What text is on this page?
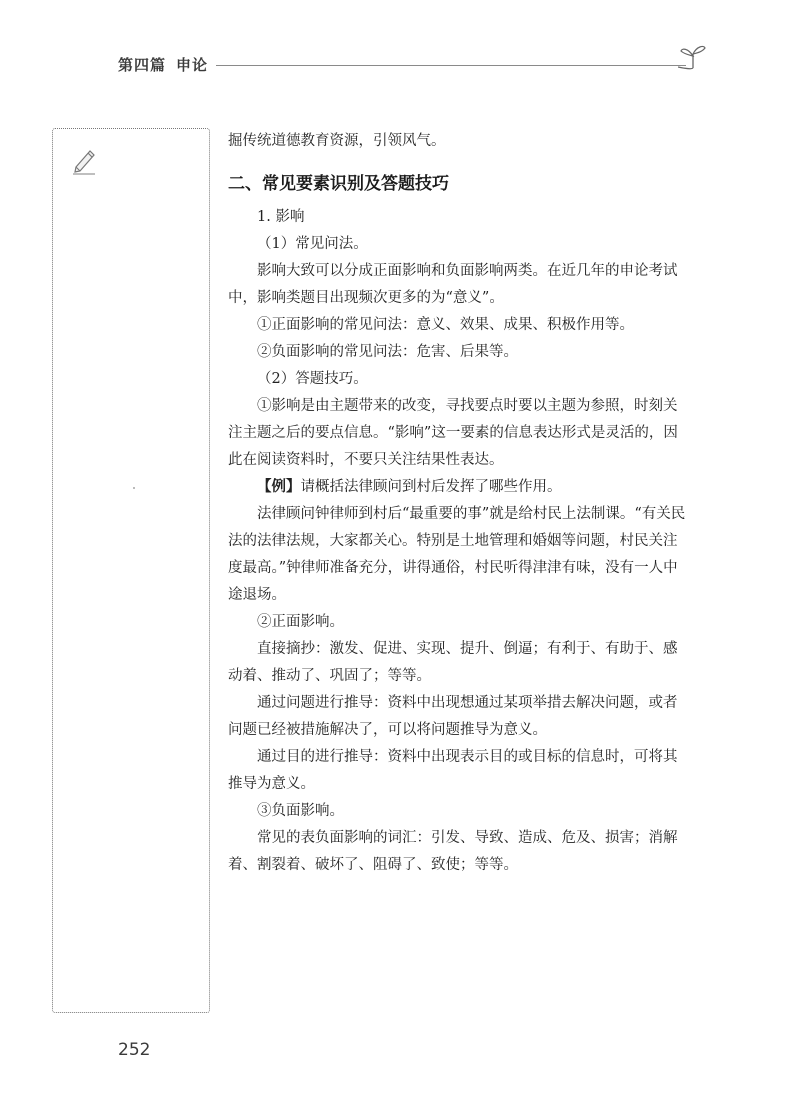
第四篇 申论

掘传统道德教育资源，引领风气。

二、常见要素识别及答题技巧

1. 影响

（1）常见问法。

影响大致可以分成正面影响和负面影响两类。在近几年的申论考试中，影响类题目出现频次更多的为“意义”。

①正面影响的常见问法：意义、效果、成果、积极作用等。

②负面影响的常见问法：危害、后果等。

（2）答题技巧。

①影响是由主题带来的改变，寻找要点时要以主题为参照，时刻关注主题之后的要点信息。“影响”这一要素的信息表达形式是灵活的，因此在阅读资料时，不要只关注结果性表达。

【例】请概括法律顾问到村后发挥了哪些作用。

法律顾问钟律师到村后“最重要的事”就是给村民上法制课。“有关民法的法律法规，大家都关心。特别是土地管理和婚姻等问题，村民关注度最高。”钟律师准备充分，讲得通俗，村民听得津津有味，没有一人中途退场。

②正面影响。

直接摘抄：激发、促进、实现、提升、倒逼；有利于、有助于、感动着、推动了、巩固了；等等。

通过问题进行推导：资料中出现想通过某项举措去解决问题，或者问题已经被措施解决了，可以将问题推导为意义。

通过目的进行推导：资料中出现表示目的或目标的信息时，可将其推导为意义。

③负面影响。

常见的表负面影响的词汇：引发、导致、造成、危及、损害；消解着、割裂着、破坏了、阻碍了、致使；等等。

252
